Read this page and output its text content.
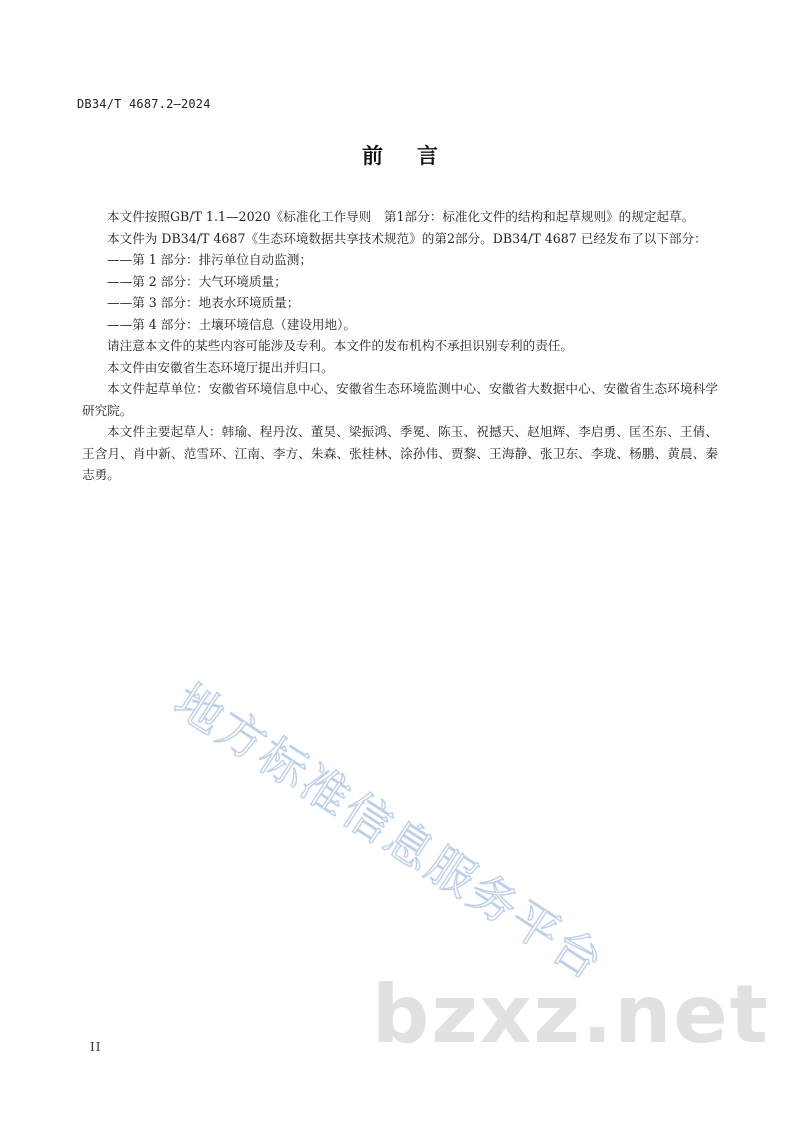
DB34/T 4687.2—2024
前言

本文件按照GB/T 1.1—2020《标准化工作导则　第1部分：标准化文件的结构和起草规则》的规定起草。

本文件为 DB34/T 4687《生态环境数据共享技术规范》的第2部分。DB34/T 4687 已经发布了以下部分：

——第 1 部分：排污单位自动监测；

——第 2 部分：大气环境质量；

——第 3 部分：地表水环境质量；

——第 4 部分：土壤环境信息（建设用地）。

请注意本文件的某些内容可能涉及专利。本文件的发布机构不承担识别专利的责任。

本文件由安徽省生态环境厅提出并归口。

本文件起草单位：安徽省环境信息中心、安徽省生态环境监测中心、安徽省大数据中心、安徽省生态环境科学研究院。

本文件主要起草人：韩瑜、程丹汝、董昊、梁振鸿、季冕、陈玉、祝撼天、赵旭辉、李启勇、匡丕东、王倩、王含月、肖中新、范雪环、江南、李方、朱森、张桂林、涂孙伟、贾黎、王海静、张卫东、李珑、杨鹏、黄晨、秦志勇。

地方标准信息服务平台
bzxz.net
II
